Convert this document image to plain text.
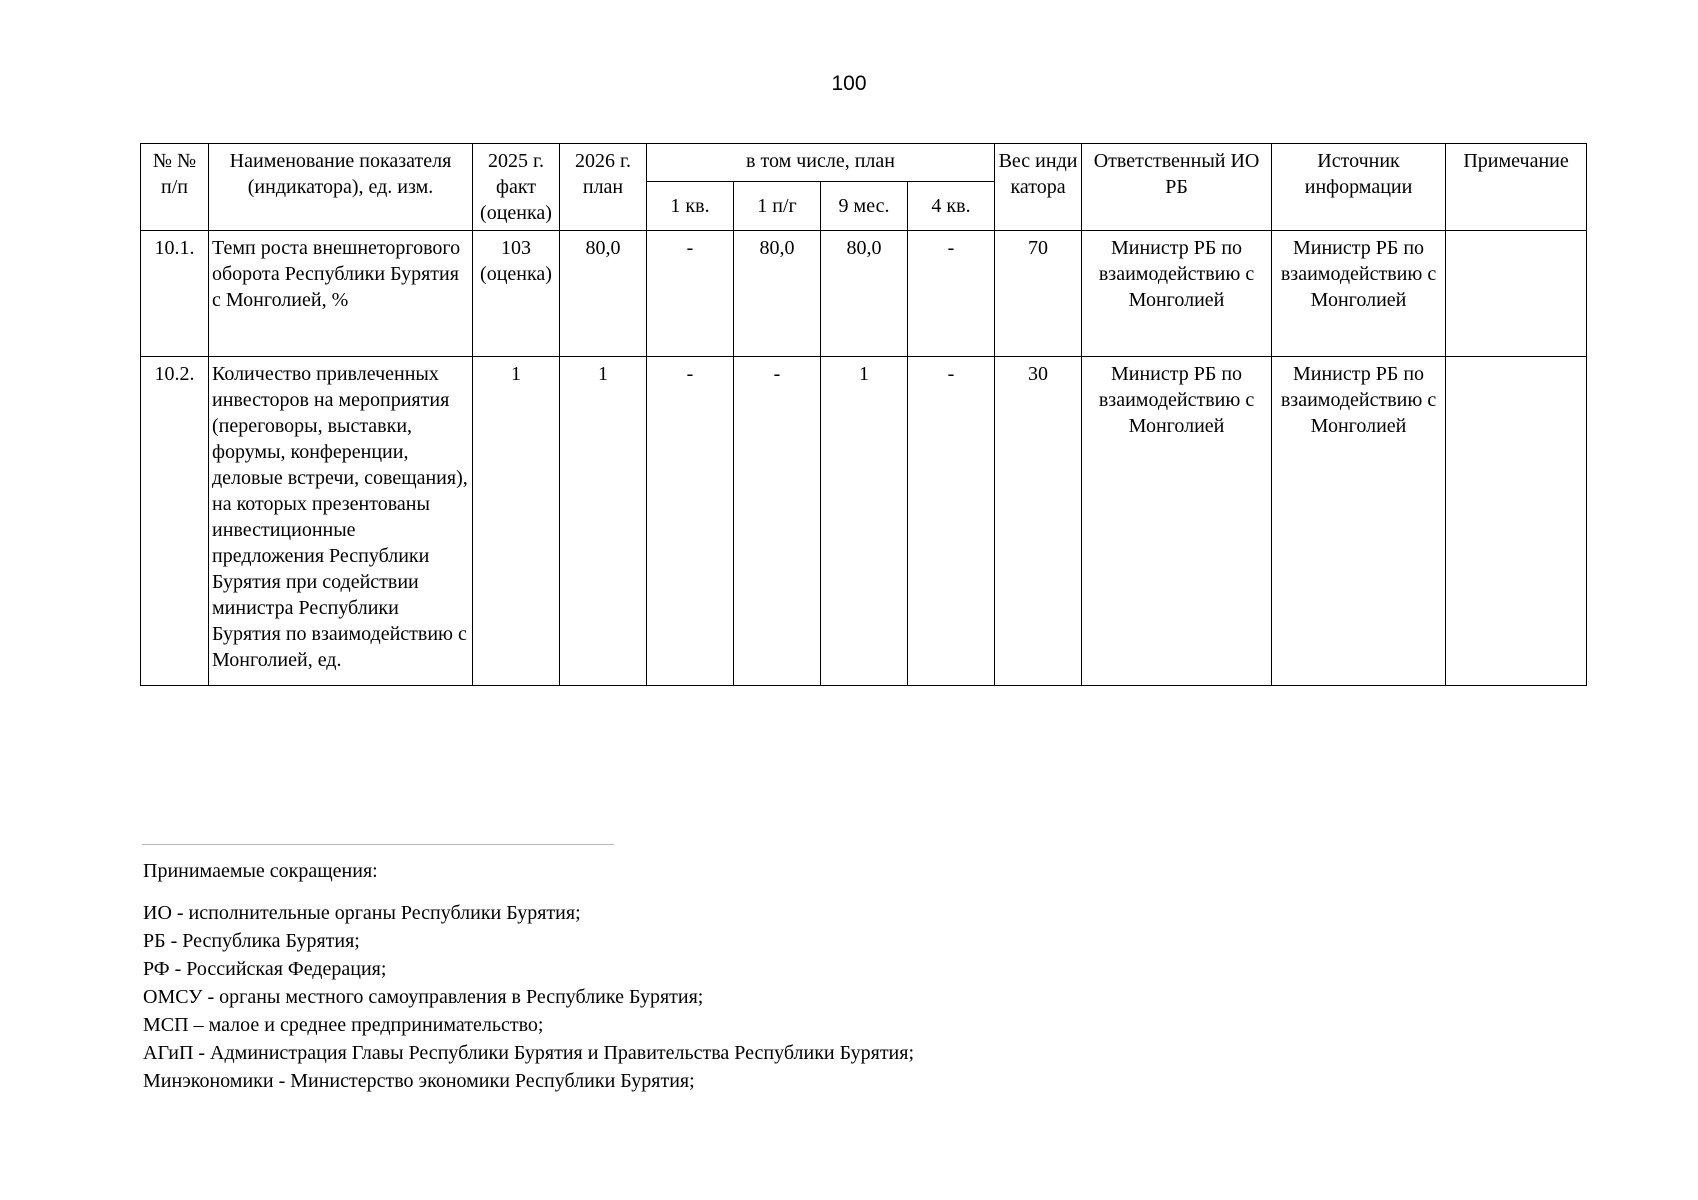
100
№ № п/п	Наименование показателя (индикатора), ед. изм.	2025 г. факт (оценка)	2026 г. план	в том числе, план				Вес индикатора	Ответственный ИО РБ	Источник информации	Примечание
				1 кв.	1 п/г	9 мес.	4 кв.				
10.1.	Темп роста внешнеторгового оборота Республики Бурятия с Монголией, %	103 (оценка)	80,0	-	80,0	80,0	-	70	Министр РБ по взаимодействию с Монголией	Министр РБ по взаимодействию с Монголией	
10.2.	Количество привлеченных инвесторов на мероприятия (переговоры, выставки, форумы, конференции, деловые встречи, совещания), на которых презентованы инвестиционные предложения Республики Бурятия при содействии министра Республики Бурятия по взаимодействию с Монголией, ед.	1	1	-	-	1	-	30	Министр РБ по взаимодействию с Монголией	Министр РБ по взаимодействию с Монголией	
Принимаемые сокращения:
ИО - исполнительные органы Республики Бурятия;
РБ - Республика Бурятия;
РФ - Российская Федерация;
ОМСУ - органы местного самоуправления в Республике Бурятия;
МСП – малое и среднее предпринимательство;
АГиП - Администрация Главы Республики Бурятия и Правительства Республики Бурятия;
Минэкономики - Министерство экономики Республики Бурятия;
